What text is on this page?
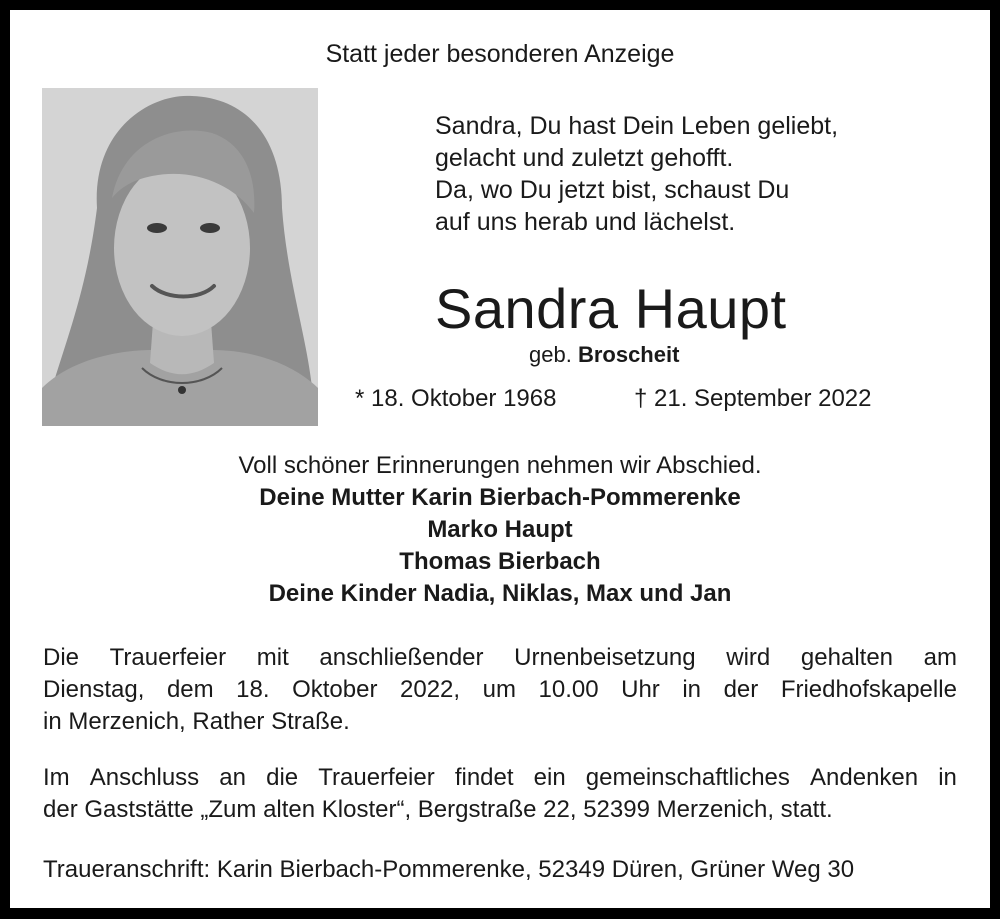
Statt jeder besonderen Anzeige
Sandra, Du hast Dein Leben geliebt,
gelacht und zuletzt gehofft.
Da, wo Du jetzt bist, schaust Du
auf uns herab und lächelst.
Sandra Haupt
geb. Broscheit
* 18. Oktober 1968	† 21. September 2022
Voll schöner Erinnerungen nehmen wir Abschied.
Deine Mutter Karin Bierbach-Pommerenke
Marko Haupt
Thomas Bierbach
Deine Kinder Nadia, Niklas, Max und Jan
Die Trauerfeier mit anschließender Urnenbeisetzung wird gehalten am
Dienstag, dem 18. Oktober 2022, um 10.00 Uhr in der Friedhofskapelle
in Merzenich, Rather Straße.
Im Anschluss an die Trauerfeier findet ein gemeinschaftliches Andenken in
der Gaststätte „Zum alten Kloster“, Bergstraße 22, 52399 Merzenich, statt.
Traueranschrift: Karin Bierbach-Pommerenke, 52349 Düren, Grüner Weg 30
